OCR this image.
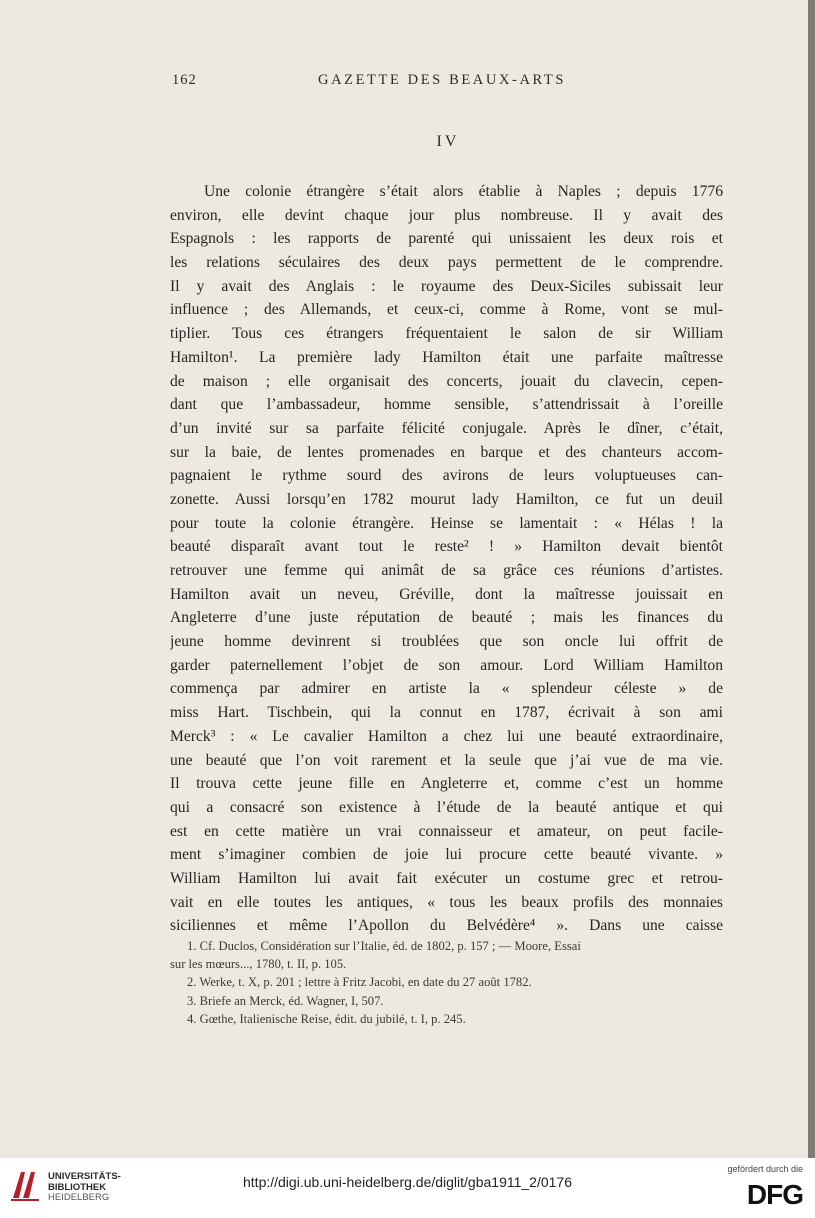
162	GAZETTE DES BEAUX-ARTS
IV
Une colonie étrangère s’était alors établie à Naples ; depuis 1776
environ, elle devint chaque jour plus nombreuse. Il y avait des
Espagnols : les rapports de parenté qui unissaient les deux rois et
les relations séculaires des deux pays permettent de le comprendre.
Il y avait des Anglais : le royaume des Deux-Siciles subissait leur
influence ; des Allemands, et ceux-ci, comme à Rome, vont se mul-
tiplier. Tous ces étrangers fréquentaient le salon de sir William
Hamilton¹. La première lady Hamilton était une parfaite maîtresse
de maison ; elle organisait des concerts, jouait du clavecin, cepen-
dant que l’ambassadeur, homme sensible, s’attendrissait à l’oreille
d’un invité sur sa parfaite félicité conjugale. Après le dîner, c’était,
sur la baie, de lentes promenades en barque et des chanteurs accom-
pagnaient le rythme sourd des avirons de leurs voluptueuses can-
zonette. Aussi lorsqu’en 1782 mourut lady Hamilton, ce fut un deuil
pour toute la colonie étrangère. Heinse se lamentait : « Hélas ! la
beauté disparaît avant tout le reste² ! » Hamilton devait bientôt
retrouver une femme qui animât de sa grâce ces réunions d’artistes.
Hamilton avait un neveu, Gréville, dont la maîtresse jouissait en
Angleterre d’une juste réputation de beauté ; mais les finances du
jeune homme devinrent si troublées que son oncle lui offrit de
garder paternellement l’objet de son amour. Lord William Hamilton
commença par admirer en artiste la « splendeur céleste » de
miss Hart. Tischbein, qui la connut en 1787, écrivait à son ami
Merck³ : « Le cavalier Hamilton a chez lui une beauté extraordinaire,
une beauté que l’on voit rarement et la seule que j’ai vue de ma vie.
Il trouva cette jeune fille en Angleterre et, comme c’est un homme
qui a consacré son existence à l’étude de la beauté antique et qui
est en cette matière un vrai connaisseur et amateur, on peut facile-
ment s’imaginer combien de joie lui procure cette beauté vivante. »
William Hamilton lui avait fait exécuter un costume grec et retrou-
vait en elle toutes les antiques, « tous les beaux profils des monnaies
siciliennes et même l’Apollon du Belvédère⁴ ». Dans une caisse
1. Cf. Duclos, Considération sur l’Italie, éd. de 1802, p. 157 ; — Moore, Essai
sur les mœurs..., 1780, t. II, p. 105.
2. Werke, t. X, p. 201 ; lettre à Fritz Jacobi, en date du 27 août 1782.
3. Briefe an Merck, éd. Wagner, I, 507.
4. Gœthe, Italienische Reise, édit. du jubilé, t. I, p. 245.
UNIVERSITÄTS-
BIBLIOTHEK
HEIDELBERG
http://digi.ub.uni-heidelberg.de/diglit/gba1911_2/0176
gefördert durch die
DFG
